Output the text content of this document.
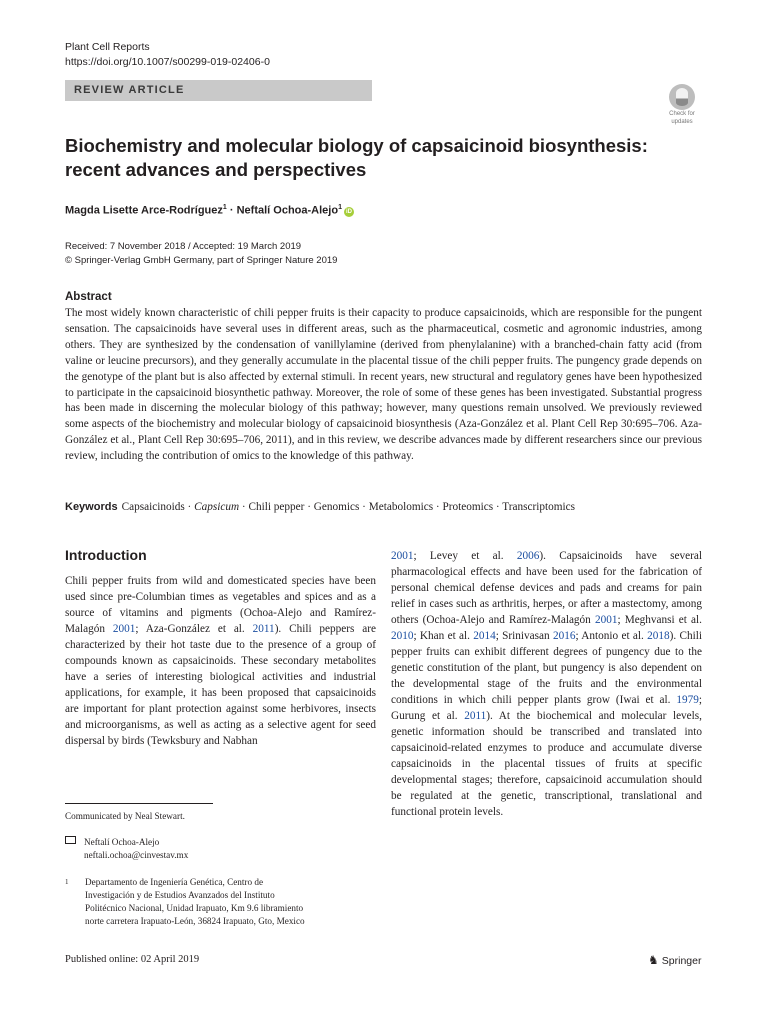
Plant Cell Reports
https://doi.org/10.1007/s00299-019-02406-0
REVIEW ARTICLE
Check for
updates
Biochemistry and molecular biology of capsaicinoid biosynthesis: recent advances and perspectives
Magda Lisette Arce-Rodríguez$^1$ · Neftalí Ochoa-Alejo$^1$iD
Received: 7 November 2018 / Accepted: 19 March 2019
© Springer-Verlag GmbH Germany, part of Springer Nature 2019
Abstract
The most widely known characteristic of chili pepper fruits is their capacity to produce capsaicinoids, which are responsible for the pungent sensation. The capsaicinoids have several uses in different areas, such as the pharmaceutical, cosmetic and agronomic industries, among others. They are synthesized by the condensation of vanillylamine (derived from phenylalanine) with a branched-chain fatty acid (from valine or leucine precursors), and they generally accumulate in the placental tissue of the chili pepper fruits. The pungency grade depends on the genotype of the plant but is also affected by external stimuli. In recent years, new structural and regulatory genes have been hypothesized to participate in the capsaicinoid biosynthetic pathway. Moreover, the role of some of these genes has been investigated. Substantial progress has been made in discerning the molecular biology of this pathway; however, many questions remain unsolved. We previously reviewed some aspects of the biochemistry and molecular biology of capsaicinoid biosynthesis (Aza-González et al. Plant Cell Rep 30:695–706. Aza-González et al., Plant Cell Rep 30:695–706, 2011), and in this review, we describe advances made by different researchers since our previous review, including the contribution of omics to the knowledge of this pathway.
Keywords Capsaicinoids · Capsicum · Chili pepper · Genomics · Metabolomics · Proteomics · Transcriptomics
Introduction
Chili pepper fruits from wild and domesticated species have been used since pre-Columbian times as vegetables and spices and as a source of vitamins and pigments (Ochoa-Alejo and Ramírez-Malagón 2001; Aza-González et al. 2011). Chili peppers are characterized by their hot taste due to the presence of a group of compounds known as capsaicinoids. These secondary metabolites have a series of interesting biological activities and industrial applications, for example, it has been proposed that capsaicinoids are important for plant protection against some herbivores, insects and microorganisms, as well as acting as a selective agent for seed dispersal by birds (Tewksbury and Nabhan
2001; Levey et al. 2006). Capsaicinoids have several pharmacological effects and have been used for the fabrication of personal chemical defense devices and pads and creams for pain relief in cases such as arthritis, herpes, or after a mastectomy, among others (Ochoa-Alejo and Ramírez-Malagón 2001; Meghvansi et al. 2010; Khan et al. 2014; Srinivasan 2016; Antonio et al. 2018). Chili pepper fruits can exhibit different degrees of pungency due to the genetic constitution of the plant, but pungency is also dependent on the developmental stage of the fruits and the environmental conditions in which chili pepper plants grow (Iwai et al. 1979; Gurung et al. 2011). At the biochemical and molecular levels, genetic information should be transcribed and translated into capsaicinoid-related enzymes to produce and accumulate diverse capsaicinoids in the placental tissues of fruits at specific developmental stages; therefore, capsaicinoid accumulation should be regulated at the genetic, transcriptional, translational and functional protein levels.
Communicated by Neal Stewart.
Neftalí Ochoa-Alejo
neftali.ochoa@cinvestav.mx
1 Departamento de Ingeniería Genética, Centro de
Investigación y de Estudios Avanzados del Instituto
Politécnico Nacional, Unidad Irapuato, Km 9.6 libramiento
norte carretera Irapuato-León, 36824 Irapuato, Gto, Mexico
Published online: 02 April 2019	♞ Springer
